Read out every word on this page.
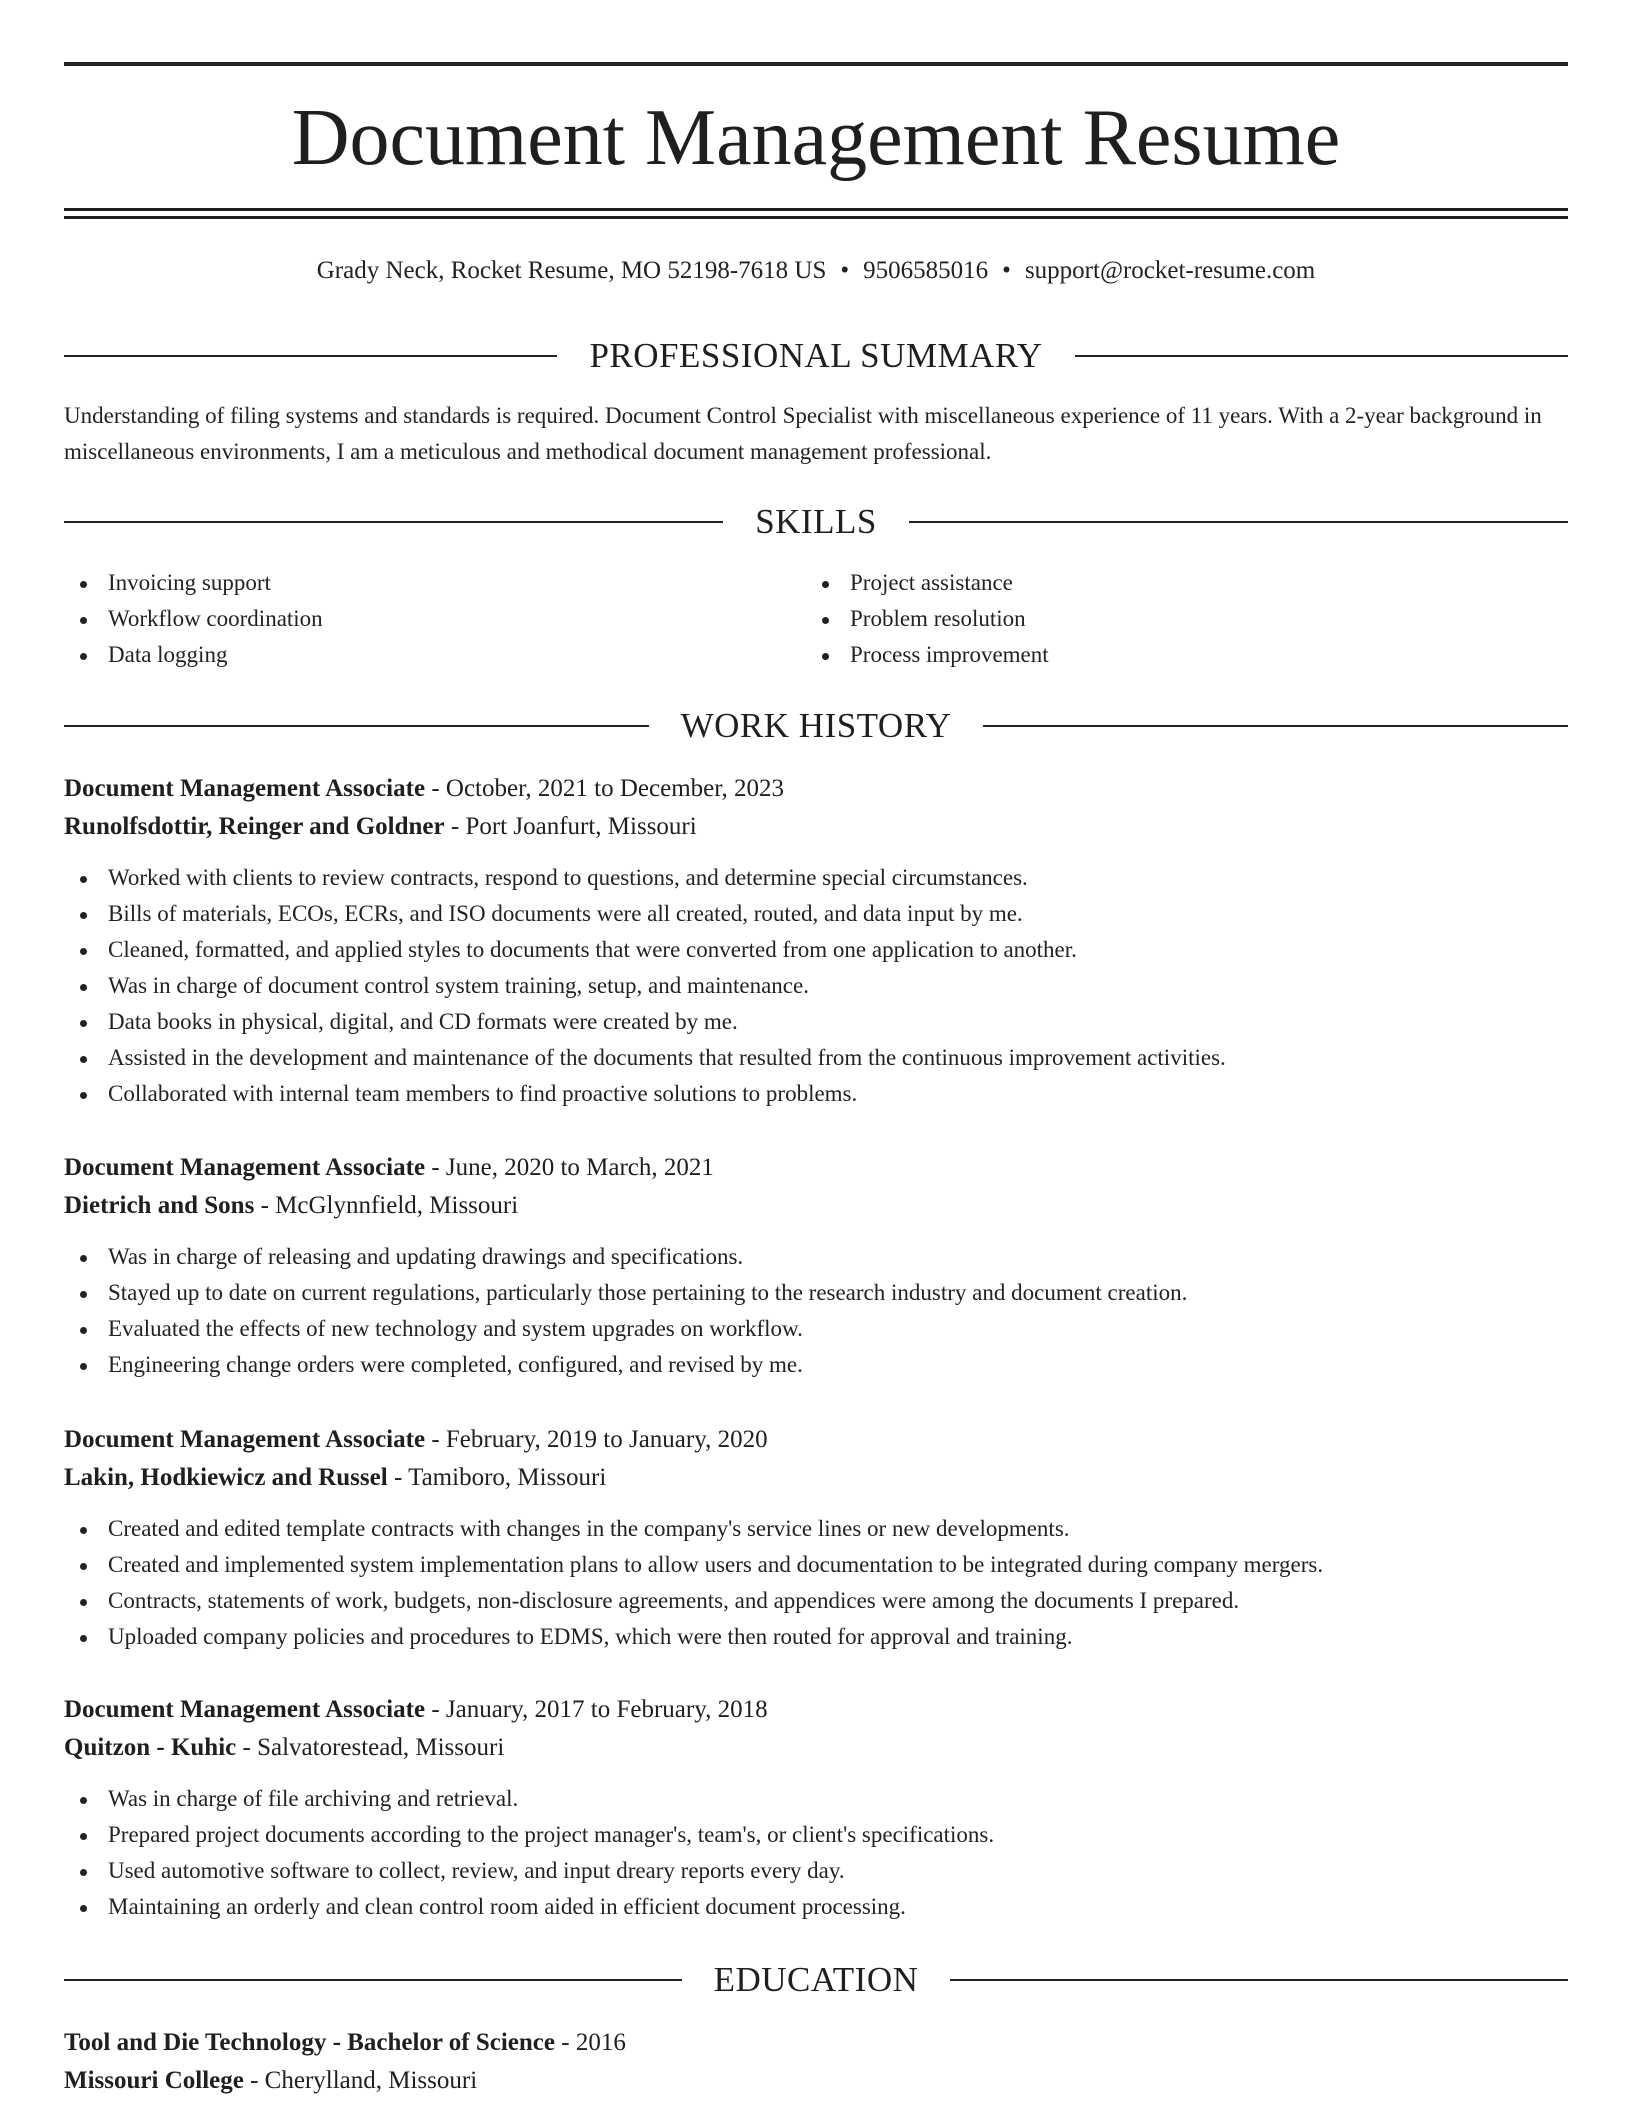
Document Management Resume
Grady Neck, Rocket Resume, MO 52198-7618 US • 9506585016 • support@rocket-resume.com
PROFESSIONAL SUMMARY

Understanding of filing systems and standards is required. Document Control Specialist with miscellaneous experience of 11 years. With a 2-year background in miscellaneous environments, I am a meticulous and methodical document management professional.

SKILLS
Invoicing support
Workflow coordination
Data logging
Project assistance
Problem resolution
Process improvement
WORK HISTORY
Document Management Associate - October, 2021 to December, 2023
Runolfsdottir, Reinger and Goldner - Port Joanfurt, Missouri
Worked with clients to review contracts, respond to questions, and determine special circumstances.
Bills of materials, ECOs, ECRs, and ISO documents were all created, routed, and data input by me.
Cleaned, formatted, and applied styles to documents that were converted from one application to another.
Was in charge of document control system training, setup, and maintenance.
Data books in physical, digital, and CD formats were created by me.
Assisted in the development and maintenance of the documents that resulted from the continuous improvement activities.
Collaborated with internal team members to find proactive solutions to problems.
Document Management Associate - June, 2020 to March, 2021
Dietrich and Sons - McGlynnfield, Missouri
Was in charge of releasing and updating drawings and specifications.
Stayed up to date on current regulations, particularly those pertaining to the research industry and document creation.
Evaluated the effects of new technology and system upgrades on workflow.
Engineering change orders were completed, configured, and revised by me.
Document Management Associate - February, 2019 to January, 2020
Lakin, Hodkiewicz and Russel - Tamiboro, Missouri
Created and edited template contracts with changes in the company's service lines or new developments.
Created and implemented system implementation plans to allow users and documentation to be integrated during company mergers.
Contracts, statements of work, budgets, non-disclosure agreements, and appendices were among the documents I prepared.
Uploaded company policies and procedures to EDMS, which were then routed for approval and training.
Document Management Associate - January, 2017 to February, 2018
Quitzon - Kuhic - Salvatorestead, Missouri
Was in charge of file archiving and retrieval.
Prepared project documents according to the project manager's, team's, or client's specifications.
Used automotive software to collect, review, and input dreary reports every day.
Maintaining an orderly and clean control room aided in efficient document processing.
EDUCATION
Tool and Die Technology - Bachelor of Science - 2016
Missouri College - Cherylland, Missouri
